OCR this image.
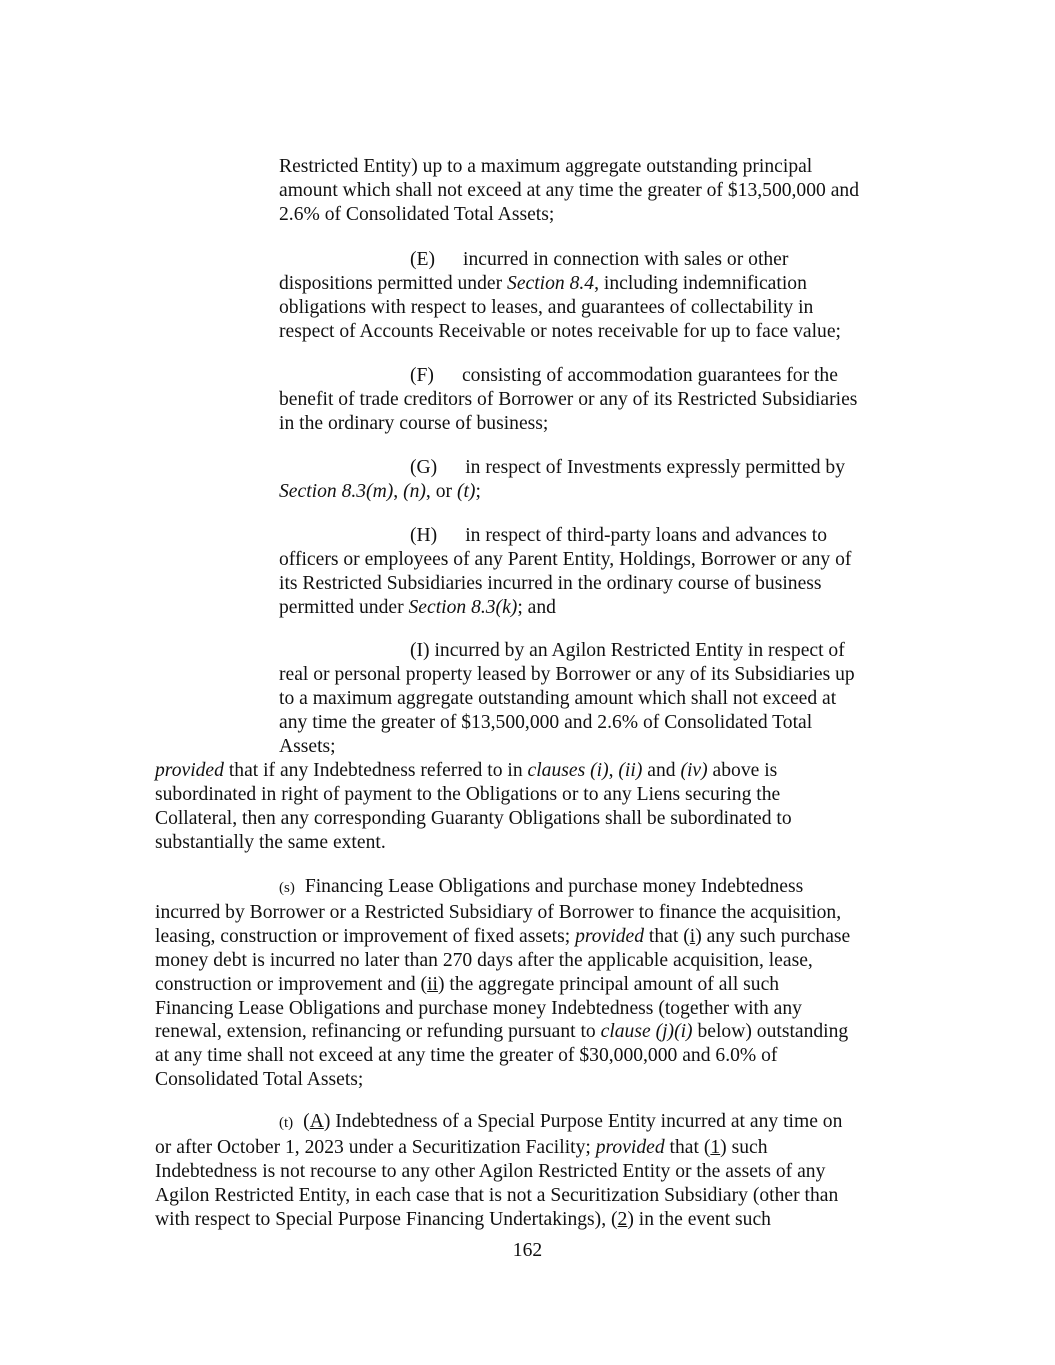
Restricted Entity) up to a maximum aggregate outstanding principal
amount which shall not exceed at any time the greater of $13,500,000 and
2.6% of Consolidated Total Assets;

(E) incurred in connection with sales or other
dispositions permitted under Section 8.4, including indemnification
obligations with respect to leases, and guarantees of collectability in
respect of Accounts Receivable or notes receivable for up to face value;

(F) consisting of accommodation guarantees for the
benefit of trade creditors of Borrower or any of its Restricted Subsidiaries
in the ordinary course of business;

(G) in respect of Investments expressly permitted by
Section 8.3(m), (n), or (t);

(H) in respect of third-party loans and advances to
officers or employees of any Parent Entity, Holdings, Borrower or any of
its Restricted Subsidiaries incurred in the ordinary course of business
permitted under Section 8.3(k); and

(I) incurred by an Agilon Restricted Entity in respect of
real or personal property leased by Borrower or any of its Subsidiaries up
to a maximum aggregate outstanding amount which shall not exceed at
any time the greater of $13,500,000 and 2.6% of Consolidated Total
Assets;

provided that if any Indebtedness referred to in clauses (i), (ii) and (iv) above is
subordinated in right of payment to the Obligations or to any Liens securing the
Collateral, then any corresponding Guaranty Obligations shall be subordinated to
substantially the same extent.

(s) Financing Lease Obligations and purchase money Indebtedness
incurred by Borrower or a Restricted Subsidiary of Borrower to finance the acquisition,
leasing, construction or improvement of fixed assets; provided that (i) any such purchase
money debt is incurred no later than 270 days after the applicable acquisition, lease,
construction or improvement and (ii) the aggregate principal amount of all such
Financing Lease Obligations and purchase money Indebtedness (together with any
renewal, extension, refinancing or refunding pursuant to clause (j)(i) below) outstanding
at any time shall not exceed at any time the greater of $30,000,000 and 6.0% of
Consolidated Total Assets;

(t) (A) Indebtedness of a Special Purpose Entity incurred at any time on
or after October 1, 2023 under a Securitization Facility; provided that (1) such
Indebtedness is not recourse to any other Agilon Restricted Entity or the assets of any
Agilon Restricted Entity, in each case that is not a Securitization Subsidiary (other than
with respect to Special Purpose Financing Undertakings), (2) in the event such

162
